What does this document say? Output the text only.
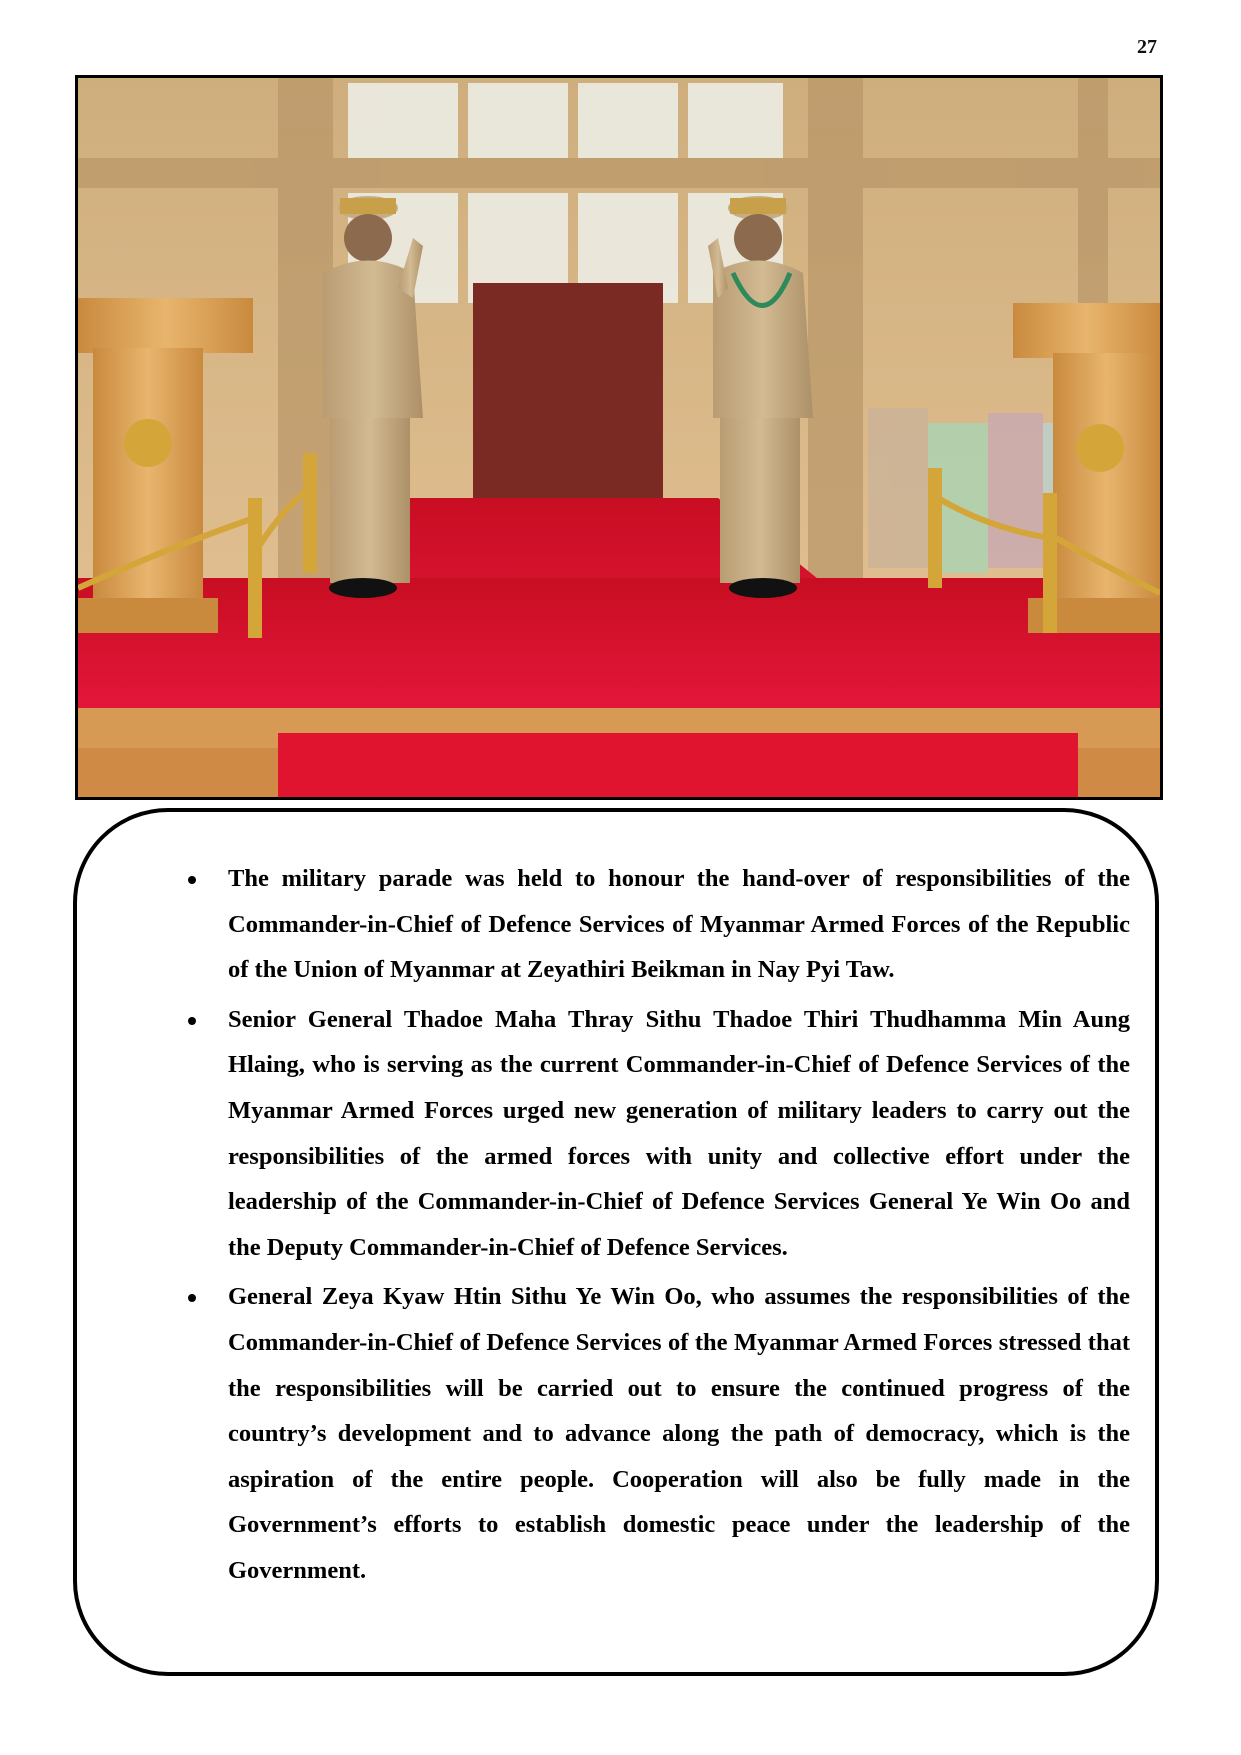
27
The military parade was held to honour the hand-over of responsibilities of the Commander-in-Chief of Defence Services of Myanmar Armed Forces of the Republic of the Union of Myanmar at Zeyathiri Beikman in Nay Pyi Taw.
Senior General Thadoe Maha Thray Sithu Thadoe Thiri Thudhamma Min Aung Hlaing, who is serving as the current Commander-in-Chief of Defence Services of the Myanmar Armed Forces urged new generation of military leaders to carry out the responsibilities of the armed forces with unity and collective effort under the leadership of the Commander-in-Chief of Defence Services General Ye Win Oo and the Deputy Commander-in-Chief of Defence Services.
General Zeya Kyaw Htin Sithu Ye Win Oo, who assumes the responsibilities of the Commander-in-Chief of Defence Services of the Myanmar Armed Forces stressed that the responsibilities will be carried out to ensure the continued progress of the country’s development and to advance along the path of democracy, which is the aspiration of the entire people. Cooperation will also be fully made in the Government’s efforts to establish domestic peace under the leadership of the Government.
